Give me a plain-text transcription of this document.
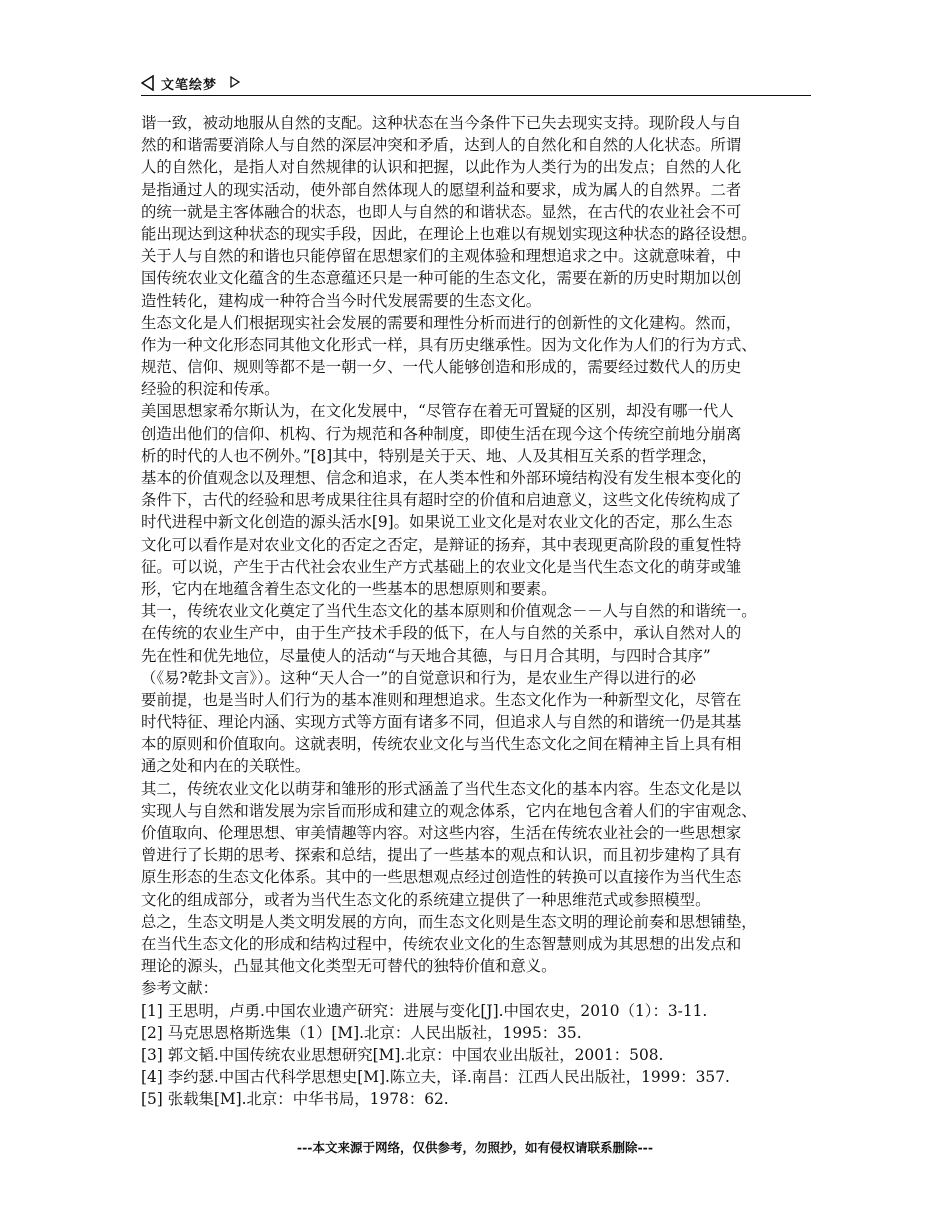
文笔绘梦
谐一致，被动地服从自然的支配。这种状态在当今条件下已失去现实支持。现阶段人与自
然的和谐需要消除人与自然的深层冲突和矛盾，达到人的自然化和自然的人化状态。所谓
人的自然化，是指人对自然规律的认识和把握，以此作为人类行为的出发点；自然的人化
是指通过人的现实活动，使外部自然体现人的愿望利益和要求，成为属人的自然界。二者
的统一就是主客体融合的状态，也即人与自然的和谐状态。显然，在古代的农业社会不可
能出现达到这种状态的现实手段，因此，在理论上也难以有规划实现这种状态的路径设想。
关于人与自然的和谐也只能停留在思想家们的主观体验和理想追求之中。这就意味着，中
国传统农业文化蕴含的生态意蕴还只是一种可能的生态文化，需要在新的历史时期加以创
造性转化，建构成一种符合当今时代发展需要的生态文化。
生态文化是人们根据现实社会发展的需要和理性分析而进行的创新性的文化建构。然而，
作为一种文化形态同其他文化形式一样，具有历史继承性。因为文化作为人们的行为方式、
规范、信仰、规则等都不是一朝一夕、一代人能够创造和形成的，需要经过数代人的历史
经验的积淀和传承。
美国思想家希尔斯认为，在文化发展中，“尽管存在着无可置疑的区别，却没有哪一代人
创造出他们的信仰、机构、行为规范和各种制度，即使生活在现今这个传统空前地分崩离
析的时代的人也不例外。”[8]其中，特别是关于天、地、人及其相互关系的哲学理念，
基本的价值观念以及理想、信念和追求，在人类本性和外部环境结构没有发生根本变化的
条件下，古代的经验和思考成果往往具有超时空的价值和启迪意义，这些文化传统构成了
时代进程中新文化创造的源头活水[9]。如果说工业文化是对农业文化的否定，那么生态
文化可以看作是对农业文化的否定之否定，是辩证的扬弃，其中表现更高阶段的重复性特
征。可以说，产生于古代社会农业生产方式基础上的农业文化是当代生态文化的萌芽或雏
形，它内在地蕴含着生态文化的一些基本的思想原则和要素。
其一，传统农业文化奠定了当代生态文化的基本原则和价值观念－－人与自然的和谐统一。
在传统的农业生产中，由于生产技术手段的低下，在人与自然的关系中，承认自然对人的
先在性和优先地位，尽量使人的活动“与天地合其德，与日月合其明，与四时合其序”
（《易?乾卦文言》）。这种“天人合一”的自觉意识和行为，是农业生产得以进行的必
要前提，也是当时人们行为的基本准则和理想追求。生态文化作为一种新型文化，尽管在
时代特征、理论内涵、实现方式等方面有诸多不同，但追求人与自然的和谐统一仍是其基
本的原则和价值取向。这就表明，传统农业文化与当代生态文化之间在精神主旨上具有相
通之处和内在的关联性。
其二，传统农业文化以萌芽和雏形的形式涵盖了当代生态文化的基本内容。生态文化是以
实现人与自然和谐发展为宗旨而形成和建立的观念体系，它内在地包含着人们的宇宙观念、
价值取向、伦理思想、审美情趣等内容。对这些内容，生活在传统农业社会的一些思想家
曾进行了长期的思考、探索和总结，提出了一些基本的观点和认识，而且初步建构了具有
原生形态的生态文化体系。其中的一些思想观点经过创造性的转换可以直接作为当代生态
文化的组成部分，或者为当代生态文化的系统建立提供了一种思维范式或参照模型。
总之，生态文明是人类文明发展的方向，而生态文化则是生态文明的理论前奏和思想铺垫，
在当代生态文化的形成和结构过程中，传统农业文化的生态智慧则成为其思想的出发点和
理论的源头，凸显其他文化类型无可替代的独特价值和意义。
参考文献：
[1] 王思明，卢勇.中国农业遗产研究：进展与变化[J].中国农史，2010（1）：3-11.
[2] 马克思恩格斯选集（1）[M].北京：人民出版社，1995：35.
[3] 郭文韬.中国传统农业思想研究[M].北京：中国农业出版社，2001：508.
[4] 李约瑟.中国古代科学思想史[M].陈立夫，译.南昌：江西人民出版社，1999：357.
[5] 张载集[M].北京：中华书局，1978：62.
---本文来源于网络，仅供参考，勿照抄，如有侵权请联系删除---
